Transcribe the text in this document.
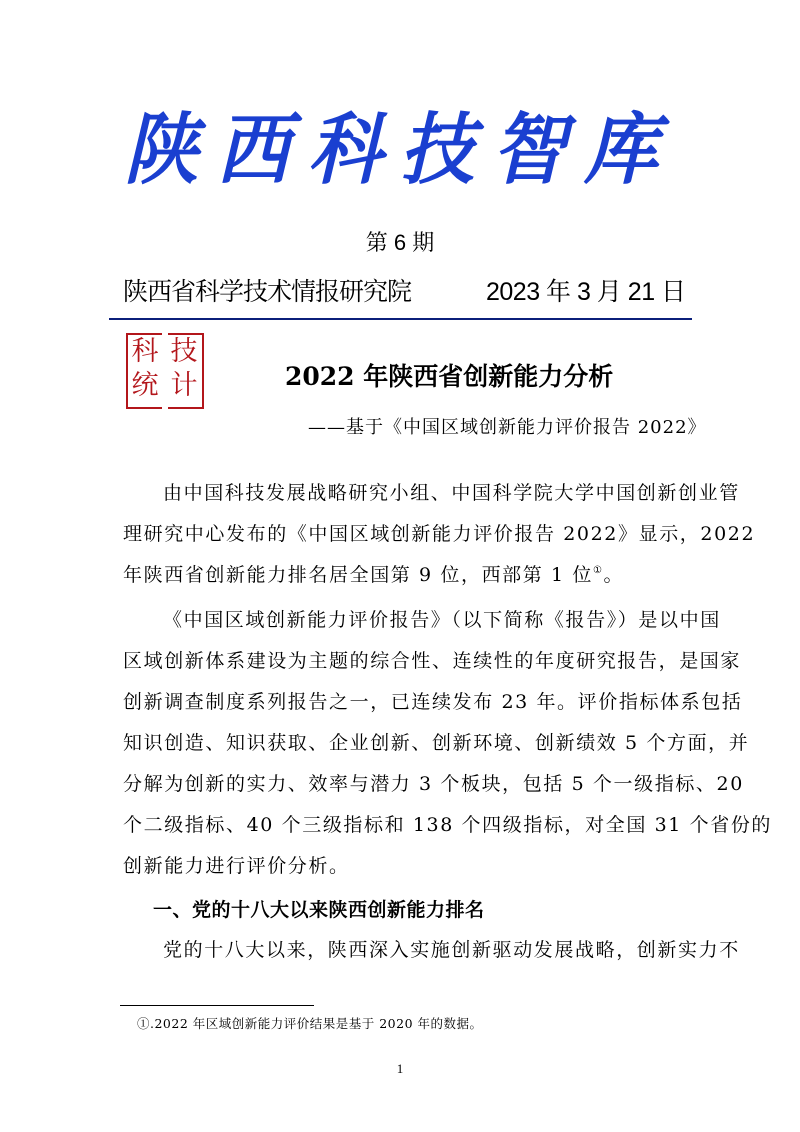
陕西科技智库
第 6 期
陕西省科学技术情报研究院	2023 年 3 月 21 日
科 技
统 计	2022 年陕西省创新能力分析
——基于《中国区域创新能力评价报告 2022》
由中国科技发展战略研究小组、中国科学院大学中国创新创业管
理研究中心发布的《中国区域创新能力评价报告 2022》显示，2022
年陕西省创新能力排名居全国第 9 位，西部第 1 位①。
《中国区域创新能力评价报告》（以下简称《报告》）是以中国
区域创新体系建设为主题的综合性、连续性的年度研究报告，是国家
创新调查制度系列报告之一，已连续发布 23 年。评价指标体系包括
知识创造、知识获取、企业创新、创新环境、创新绩效 5 个方面，并
分解为创新的实力、效率与潜力 3 个板块，包括 5 个一级指标、20
个二级指标、40 个三级指标和 138 个四级指标，对全国 31 个省份的
创新能力进行评价分析。
一、党的十八大以来陕西创新能力排名
党的十八大以来，陕西深入实施创新驱动发展战略，创新实力不
①.2022 年区域创新能力评价结果是基于 2020 年的数据。
1
